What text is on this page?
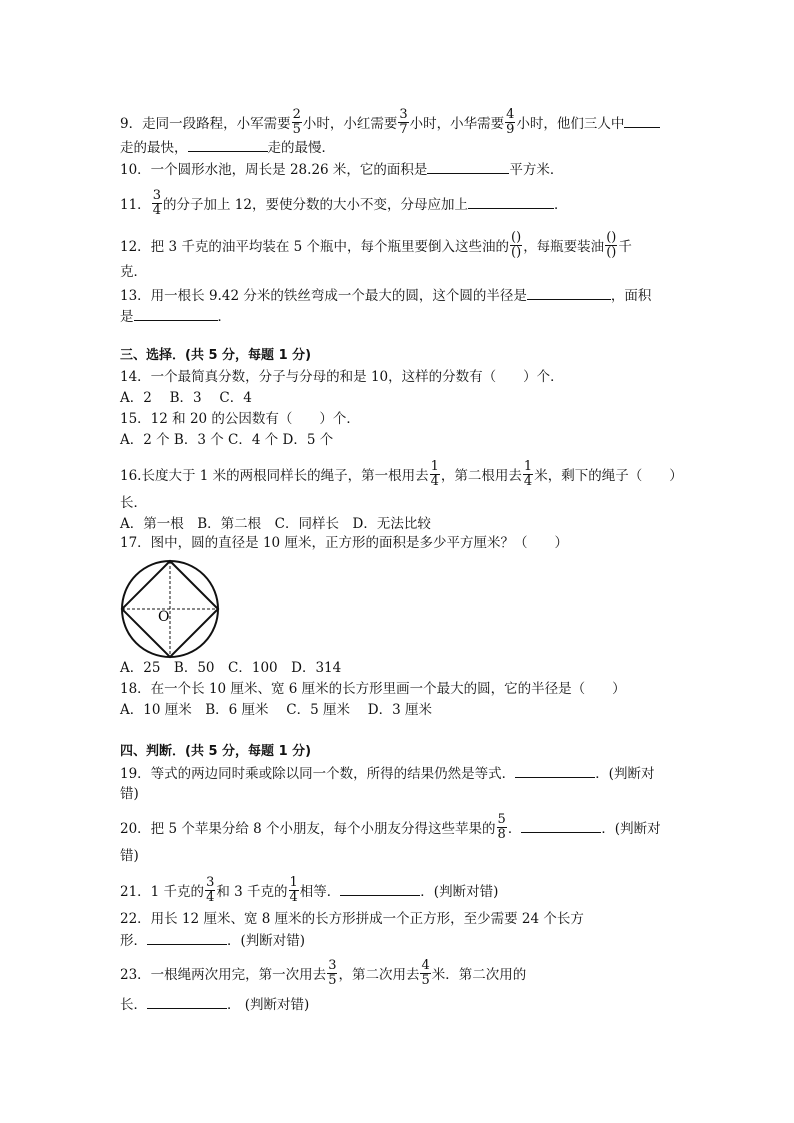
9．走同一段路程，小军需要 $\frac{2}{5}$ 小时，小红需要 $\frac{3}{7}$ 小时，小华需要 $\frac{4}{9}$ 小时，他们三人中
走的最快，	走的最慢．
10．一个圆形水池，周长是 28.26 米，它的面积是	平方米．
11． $\frac{3}{4}$ 的分子加上 12，要使分数的大小不变，分母应加上	．
12．把 3 千克的油平均装在 5 个瓶中，每个瓶里要倒入这些油的 $\frac{()}{()}$ ，每瓶要装油 $\frac{()}{()}$ 千
克．
13．用一根长 9.42 分米的铁丝弯成一个最大的圆，这个圆的半径是	，面积
是	．
三、选择．(共 5 分，每题 1 分)
14．一个最简真分数，分子与分母的和是 10，这样的分数有（　　）个．
A．2　 B．3　 C．4
15．12 和 20 的公因数有（　　）个．
A．2 个 B．3 个 C．4 个 D．5 个
16.长度大于 1 米的两根同样长的绳子，第一根用去 $\frac{1}{4}$ ，第二根用去 $\frac{1}{4}$ 米，剩下的绳子（　　）
长．
A．第一根　B．第二根　C．同样长　D．无法比较
17．图中，圆的直径是 10 厘米，正方形的面积是多少平方厘米？（　　）
O
A．25　B．50　C．100　D．314
18．在一个长 10 厘米、宽 6 厘米的长方形里画一个最大的圆，它的半径是（　　）
A．10 厘米　B．6 厘米　 C．5 厘米　 D．3 厘米
四、判断．(共 5 分，每题 1 分)
19．等式的两边同时乘或除以同一个数，所得的结果仍然是等式．	．(判断对
错)
20．把 5 个苹果分给 8 个小朋友，每个小朋友分得这些苹果的 $\frac{5}{8}$ ．	．(判断对
错)
21．1 千克的 $\frac{3}{4}$ 和 3 千克的 $\frac{1}{4}$ 相等．	．(判断对错)
22．用长 12 厘米、宽 8 厘米的长方形拼成一个正方形，至少需要 24 个长方
形．	．(判断对错)
23．一根绳两次用完，第一次用去 $\frac{3}{5}$ ，第二次用去 $\frac{4}{5}$ 米．第二次用的
长．	． (判断对错)
